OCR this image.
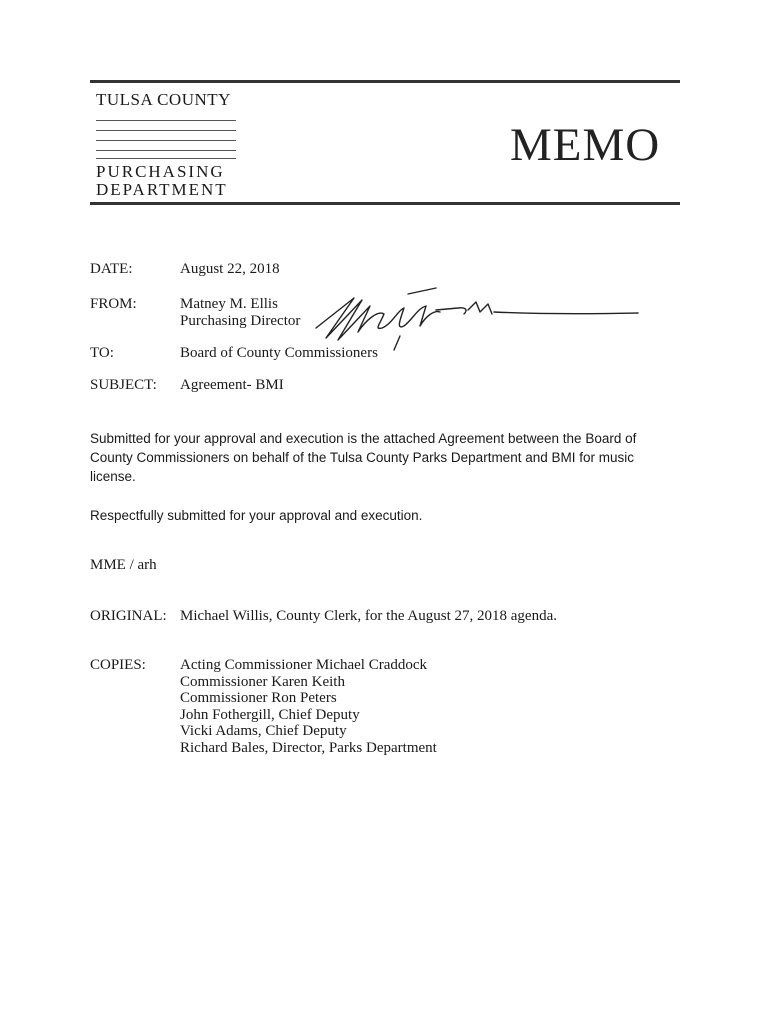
TULSA COUNTY
PURCHASING
DEPARTMENT
MEMO
DATE:	August 22, 2018
FROM:	Matney M. Ellis
Purchasing Director
TO:	Board of County Commissioners
SUBJECT: Agreement- BMI
Submitted for your approval and execution is the attached Agreement between the Board of County Commissioners on behalf of the Tulsa County Parks Department and BMI for music license.
Respectfully submitted for your approval and execution.
MME / arh
ORIGINAL: Michael Willis, County Clerk, for the August 27, 2018 agenda.
COPIES: Acting Commissioner Michael Craddock
Commissioner Karen Keith
Commissioner Ron Peters
John Fothergill, Chief Deputy
Vicki Adams, Chief Deputy
Richard Bales, Director, Parks Department
